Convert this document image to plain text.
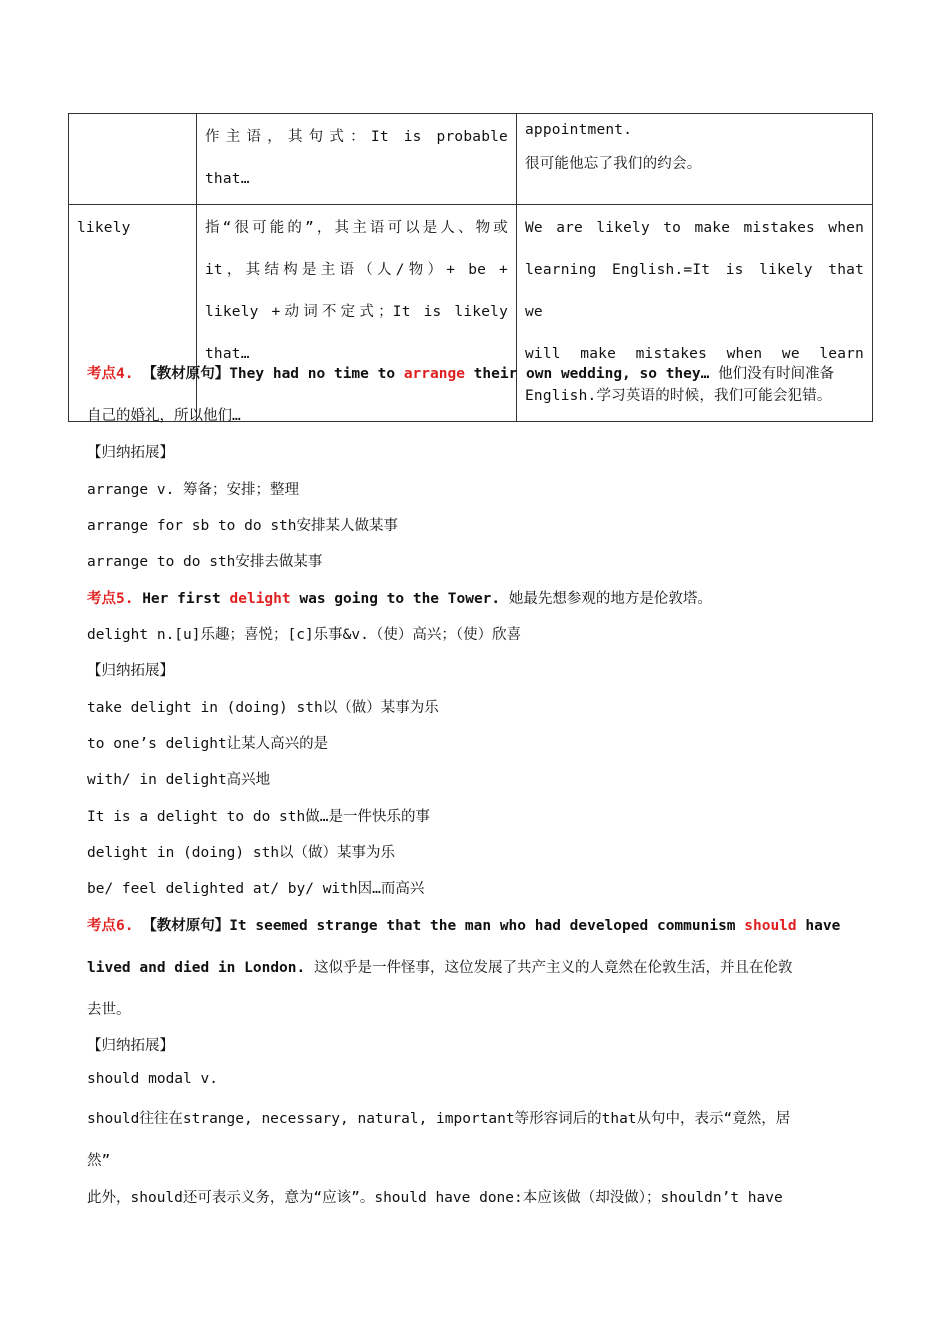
	作主语，其句式：It is probable
that…	appointment.
很可能他忘了我们的约会。

likely	指“很可能的”，其主语可以是人、物或
it，其结构是主语（人/物）+ be +
likely +动词不定式；It is likely
that…	We are likely to make mistakes when
learning English.=It is likely that we
will make mistakes when we learn
English.学习英语的时候，我们可能会犯错。
考点4. 【教材原句】They had no time to arrange their own wedding, so they… 他们没有时间准备
自己的婚礼，所以他们…
【归纳拓展】
arrange v. 筹备；安排；整理
arrange for sb to do sth安排某人做某事
arrange to do sth安排去做某事
考点5. Her first delight was going to the Tower. 她最先想参观的地方是伦敦塔。
delight n.[u]乐趣；喜悦；[c]乐事&v.（使）高兴；（使）欣喜
【归纳拓展】
take delight in (doing) sth以（做）某事为乐
to one’s delight让某人高兴的是
with/ in delight高兴地
It is a delight to do sth做…是一件快乐的事
delight in (doing) sth以（做）某事为乐
be/ feel delighted at/ by/ with因…而高兴
考点6. 【教材原句】It seemed strange that the man who had developed communism should have
lived and died in London. 这似乎是一件怪事，这位发展了共产主义的人竟然在伦敦生活，并且在伦敦
去世。
【归纳拓展】
should modal v.
should往往在strange, necessary, natural, important等形容词后的that从句中，表示“竟然，居
然”
此外，should还可表示义务，意为“应该”。should have done:本应该做（却没做）；shouldn’t have
